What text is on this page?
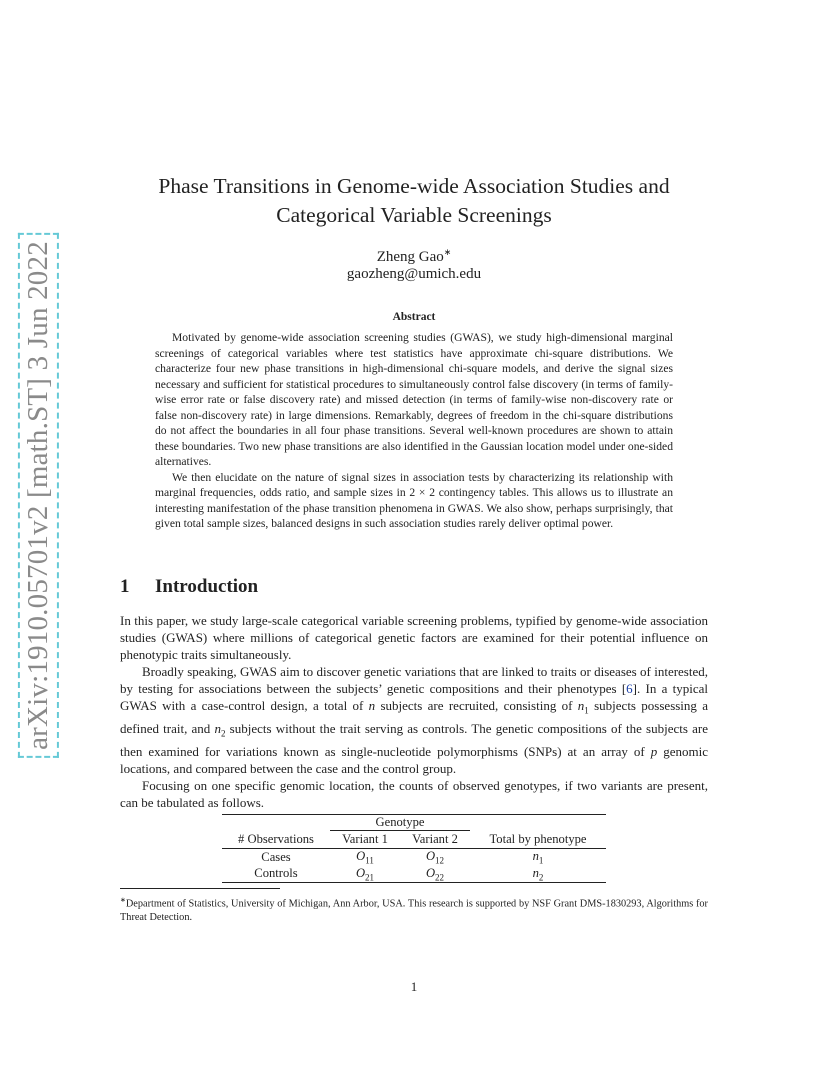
arXiv:1910.05701v2 [math.ST] 3 Jun 2022
Phase Transitions in Genome-wide Association Studies and
Categorical Variable Screenings
Zheng Gao∗
gaozheng@umich.edu
Abstract

Motivated by genome-wide association screening studies (GWAS), we study high-dimensional marginal screenings of categorical variables where test statistics have approximate chi-square distributions. We characterize four new phase transitions in high-dimensional chi-square models, and derive the signal sizes necessary and sufficient for statistical procedures to simultaneously control false discovery (in terms of family-wise error rate or false discovery rate) and missed detection (in terms of family-wise non-discovery rate or false non-discovery rate) in large dimensions. Remarkably, degrees of freedom in the chi-square distributions do not affect the boundaries in all four phase transitions. Several well-known procedures are shown to attain these boundaries. Two new phase transitions are also identified in the Gaussian location model under one-sided alternatives.

We then elucidate on the nature of signal sizes in association tests by characterizing its relationship with marginal frequencies, odds ratio, and sample sizes in 2 × 2 contingency tables. This allows us to illustrate an interesting manifestation of the phase transition phenomena in GWAS. We also show, perhaps surprisingly, that given total sample sizes, balanced designs in such association studies rarely deliver optimal power.

1 Introduction

In this paper, we study large-scale categorical variable screening problems, typified by genome-wide association studies (GWAS) where millions of categorical genetic factors are examined for their potential influence on phenotypic traits simultaneously.

Broadly speaking, GWAS aim to discover genetic variations that are linked to traits or diseases of interested, by testing for associations between the subjects’ genetic compositions and their phenotypes [6]. In a typical GWAS with a case-control design, a total of n subjects are recruited, consisting of $n_1$ subjects possessing a defined trait, and $n_2$ subjects without the trait serving as controls. The genetic compositions of the subjects are then examined for variations known as single-nucleotide polymorphisms (SNPs) at an array of p genomic locations, and compared between the case and the control group.

Focusing on one specific genomic location, the counts of observed genotypes, if two variants are present, can be tabulated as follows.

Genotype
# Observations	Variant 1	Variant 2	Total by phenotype
Cases	$O_{11}$	$O_{12}$	$n_1$
Controls	$O_{21}$	$O_{22}$	$n_2$
∗Department of Statistics, University of Michigan, Ann Arbor, USA. This research is supported by NSF Grant DMS-1830293, Algorithms for Threat Detection.
1
